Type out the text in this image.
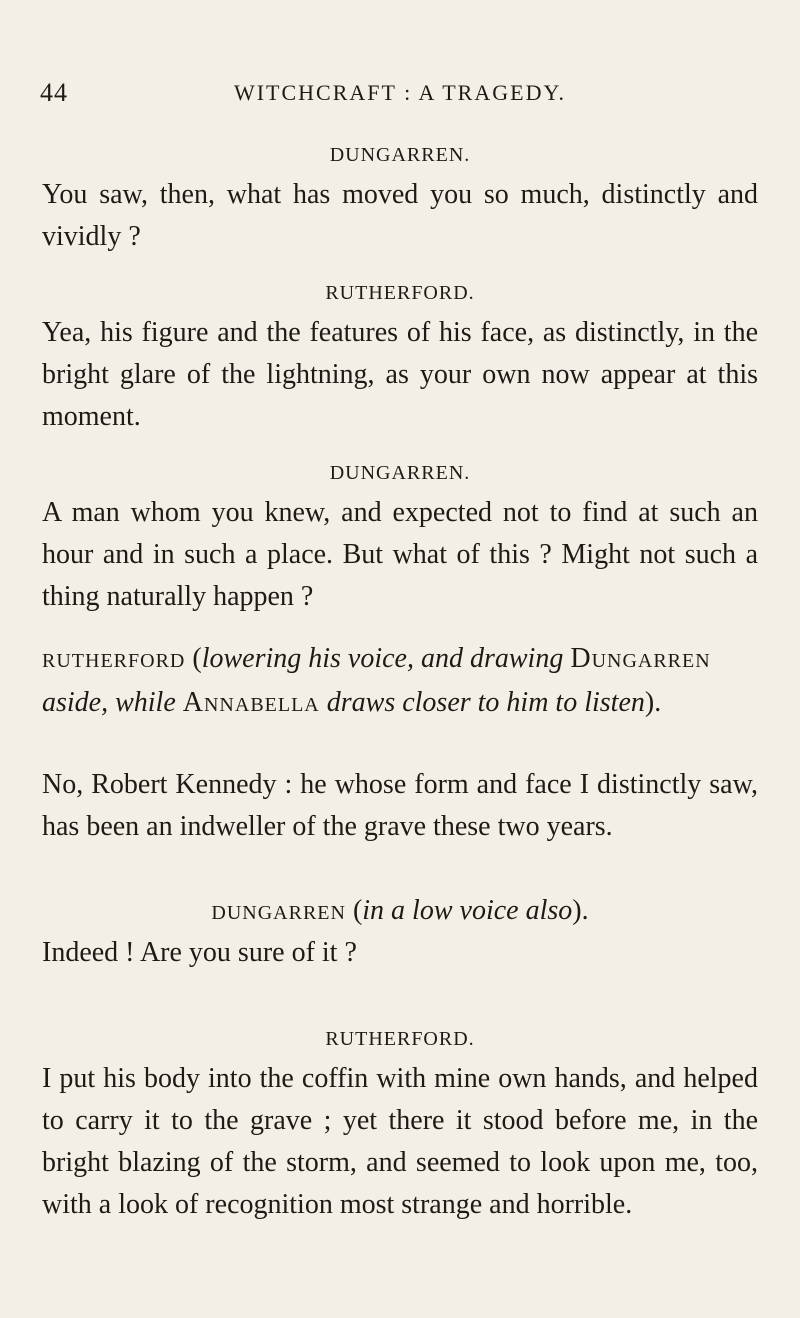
44	WITCHCRAFT : A TRAGEDY.
DUNGARREN.
You saw, then, what has moved you so much, distinctly and vividly ?
RUTHERFORD.
Yea, his figure and the features of his face, as distinctly, in the bright glare of the lightning, as your own now appear at this moment.
DUNGARREN.
A man whom you knew, and expected not to find at such an hour and in such a place. But what of this ? Might not such a thing naturally happen ?
RUTHERFORD (lowering his voice, and drawing Dungarren aside, while Annabella draws closer to him to listen).
No, Robert Kennedy : he whose form and face I distinctly saw, has been an indweller of the grave these two years.
DUNGARREN (in a low voice also).
Indeed ! Are you sure of it ?
RUTHERFORD.
I put his body into the coffin with mine own hands, and helped to carry it to the grave ; yet there it stood before me, in the bright blazing of the storm, and seemed to look upon me, too, with a look of recognition most strange and horrible.
